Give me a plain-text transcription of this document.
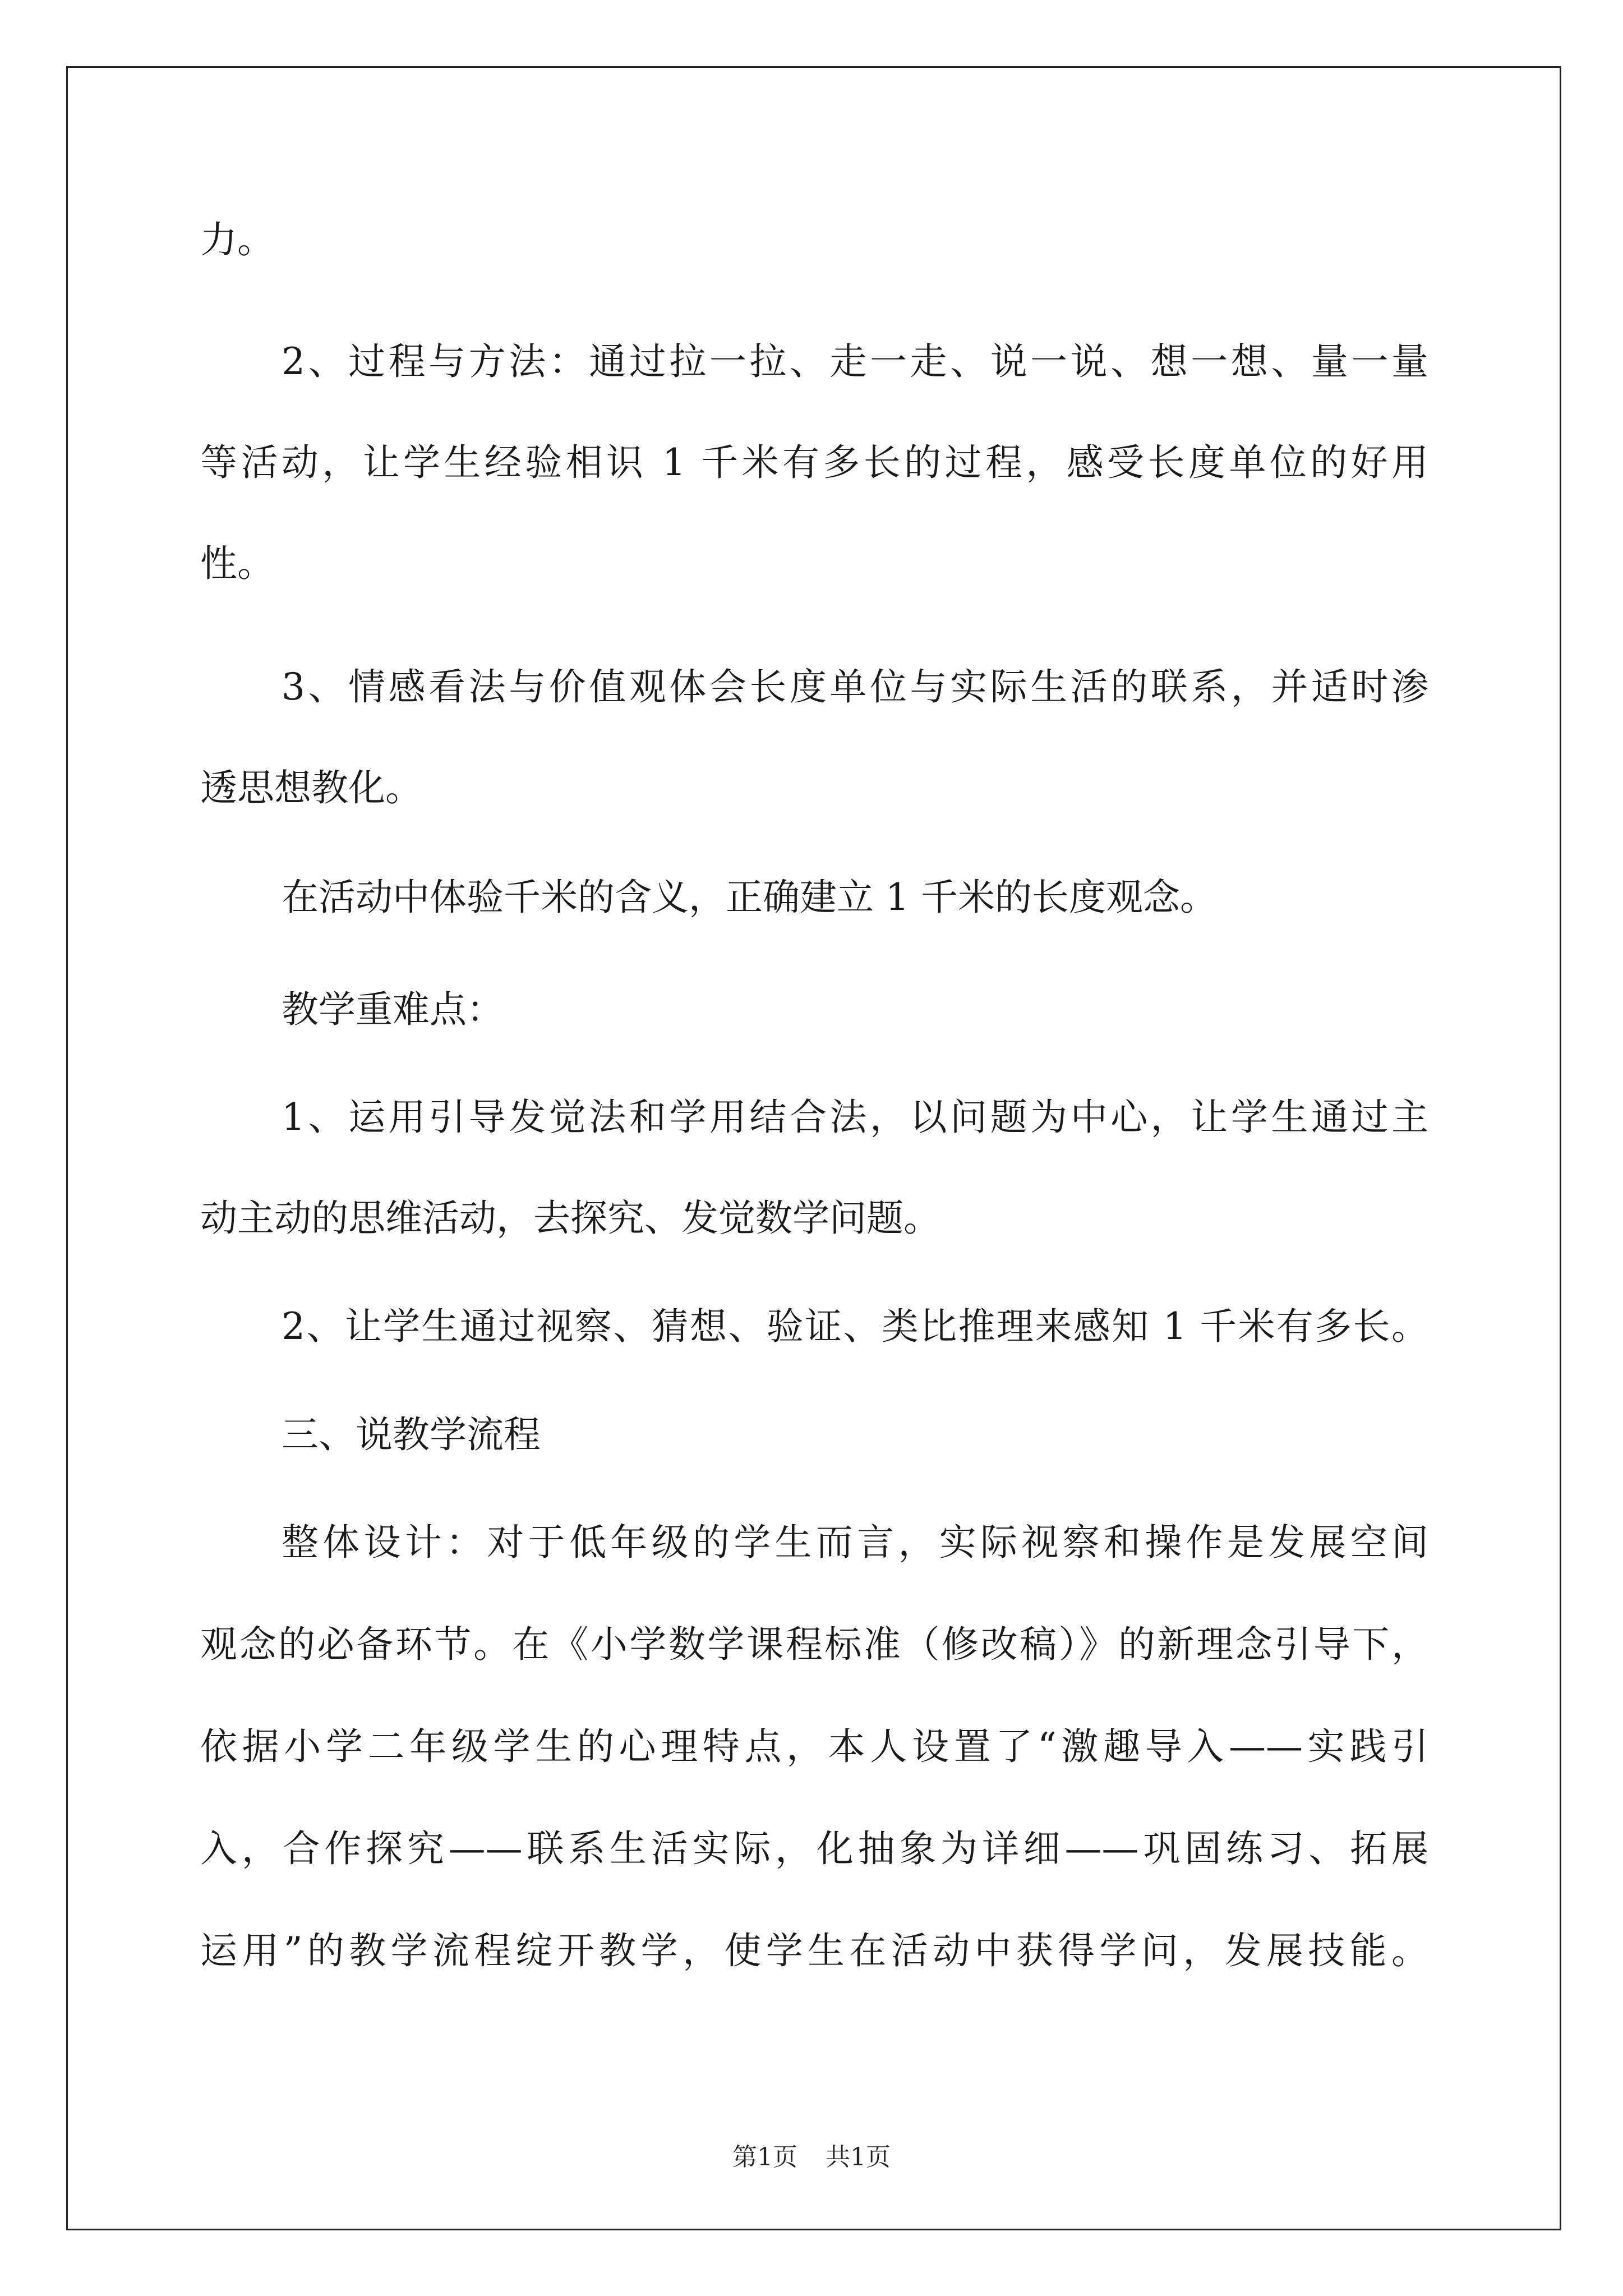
力。

2、过程与方法：通过拉一拉、走一走、说一说、想一想、量一量

等活动，让学生经验相识 1 千米有多长的过程，感受长度单位的好用

性。

3、情感看法与价值观体会长度单位与实际生活的联系，并适时渗

透思想教化。

在活动中体验千米的含义，正确建立 1 千米的长度观念。

教学重难点：

1、运用引导发觉法和学用结合法，以问题为中心，让学生通过主

动主动的思维活动，去探究、发觉数学问题。

2、让学生通过视察、猜想、验证、类比推理来感知 1 千米有多长。

三、说教学流程

整体设计：对于低年级的学生而言，实际视察和操作是发展空间

观念的必备环节。在《小学数学课程标准（修改稿）》的新理念引导下，

依据小学二年级学生的心理特点，本人设置了“激趣导入——实践引

入，合作探究——联系生活实际，化抽象为详细——巩固练习、拓展

运用”的教学流程绽开教学，使学生在活动中获得学问，发展技能。

第1页 共1页
